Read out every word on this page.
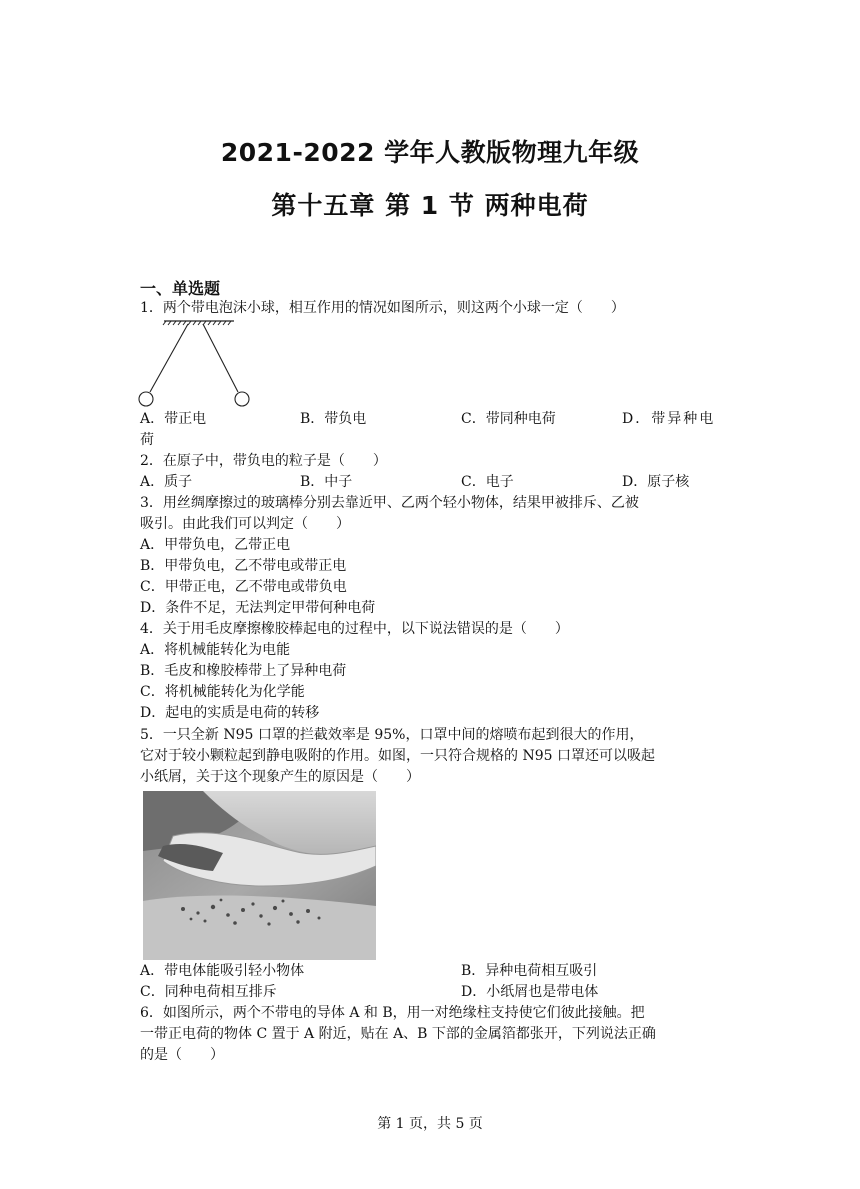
2021-2022 学年人教版物理九年级
第十五章 第 1 节 两种电荷
一、单选题
1．两个带电泡沫小球，相互作用的情况如图所示，则这两个小球一定（　　）
A．带正电	B．带负电	C．带同种电荷	D．带异种电
荷
2．在原子中，带负电的粒子是（　　）
A．质子	B．中子	C．电子	D．原子核
3．用丝绸摩擦过的玻璃棒分别去靠近甲、乙两个轻小物体，结果甲被排斥、乙被
吸引。由此我们可以判定（　　）
A．甲带负电，乙带正电
B．甲带负电，乙不带电或带正电
C．甲带正电，乙不带电或带负电
D．条件不足，无法判定甲带何种电荷
4．关于用毛皮摩擦橡胶棒起电的过程中，以下说法错误的是（　　）
A．将机械能转化为电能
B．毛皮和橡胶棒带上了异种电荷
C．将机械能转化为化学能
D．起电的实质是电荷的转移
5．一只全新 N95 口罩的拦截效率是 95%，口罩中间的熔喷布起到很大的作用，
它对于较小颗粒起到静电吸附的作用。如图，一只符合规格的 N95 口罩还可以吸起
小纸屑，关于这个现象产生的原因是（　　）
A．带电体能吸引轻小物体	B．异种电荷相互吸引
C．同种电荷相互排斥	D．小纸屑也是带电体
6．如图所示，两个不带电的导体 A 和 B，用一对绝缘柱支持使它们彼此接触。把
一带正电荷的物体 C 置于 A 附近，贴在 A、B 下部的金属箔都张开，下列说法正确
的是（　　）
第 1 页，共 5 页
